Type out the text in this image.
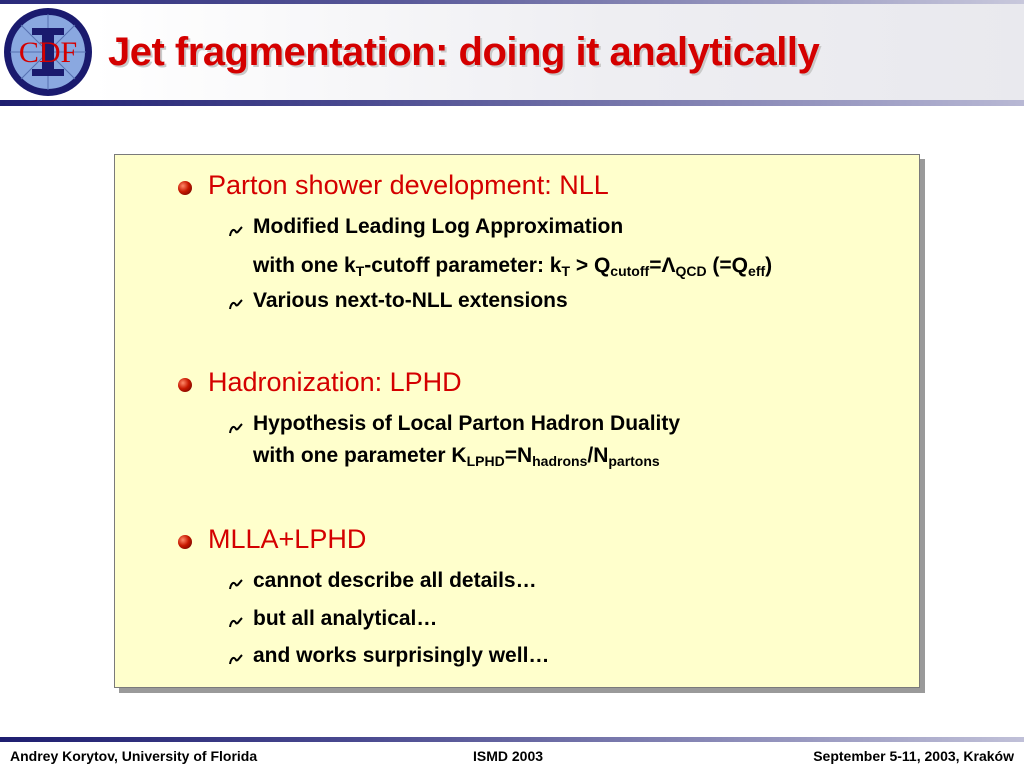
CDF Jet fragmentation: doing it analytically
Parton shower development: NLL
Modified Leading Log Approximation
with one $k_T$-cutoff parameter: $k_T > Q_{cutoff}=\Lambda_{QCD}$ $(=Q_{eff})$
Various next-to-NLL extensions
Hadronization: LPHD
Hypothesis of Local Parton Hadron Duality
with one parameter $K_{LPHD}=N_{hadrons}/N_{partons}$
MLLA+LPHD
cannot describe all details…
but all analytical…
and works surprisingly well…
Andrey Korytov, University of Florida	ISMD 2003	September 5-11, 2003, Kraków
